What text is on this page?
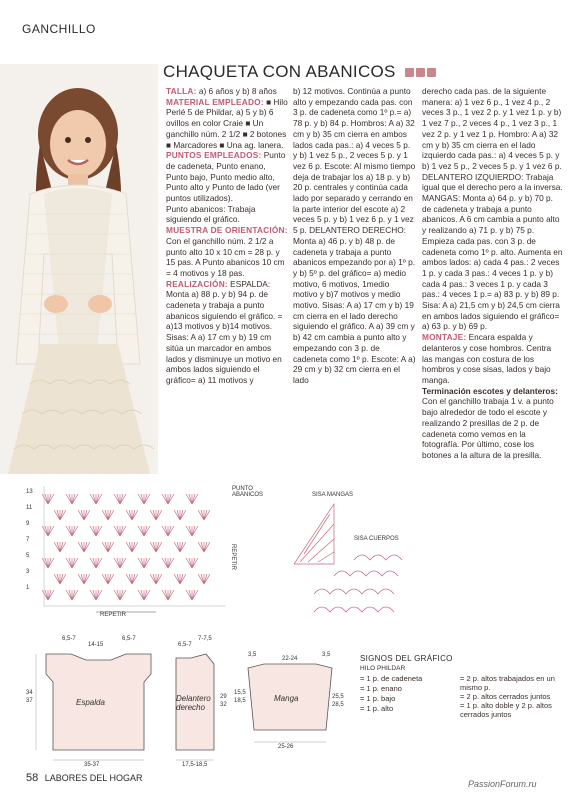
GANCHILLO
CHAQUETA CON ABANICOS

TALLA: a) 6 años y b) 8 años

MATERIAL EMPLEADO: ■ Hilo Perlé 5 de Phildar, a) 5 y b) 6 ovillos en color Craie ■ Un ganchillo núm. 2 1/2 ■ 2 botones ■ Marcadores ■ Una ag. lanera.

PUNTOS EMPLEADOS: Punto de cadeneta, Punto enano, Punto bajo, Punto medio alto, Punto alto y Punto de lado (ver puntos utilizados).

Punto abanicos: Trabaja siguiendo el gráfico.

MUESTRA DE ORIENTACIÓN: Con el ganchillo núm. 2 1/2 a punto alto 10 x 10 cm = 28 p. y 15 pas. A Punto abanicos 10 cm = 4 motivos y 18 pas.

REALIZACIÓN: ESPALDA: Monta a) 88 p. y b) 94 p. de cadeneta y trabaja a punto abanicos siguiendo el gráfico. = a)13 motivos y b)14 motivos. Sisas: A a) 17 cm y b) 19 cm sitúa un marcador en ambos lados y disminuye un motivo en ambos lados siguiendo el gráfico= a) 11 motivos y

b) 12 motivos. Continúa a punto alto y empezando cada pas. con 3 p. de cadeneta como 1º p.= a) 78 p. y b) 84 p. Hombros: A a) 32 cm y b) 35 cm cierra en ambos lados cada pas.: a) 4 veces 5 p. y b) 1 vez 5 p., 2 veces 5 p. y 1 vez 6 p. Escote: Al mismo tiempo deja de trabajar los a) 18 p. y b) 20 p. centrales y continúa cada lado por separado y cerrando en la parte interior del escote a) 2 veces 5 p. y b) 1 vez 6 p. y 1 vez 5 p. DELANTERO DERECHO: Monta a) 46 p. y b) 48 p. de cadeneta y trabaja a punto abanicos empezando por a) 1º p. y b) 5º p. del gráfico= a) medio motivo, 6 motivos, 1medio motivo y b)7 motivos y medio motivo. Sisas: A a) 17 cm y b) 19 cm cierra en el lado derecho siguiendo el gráfico. A a) 39 cm y b) 42 cm cambia a punto alto y empezando con 3 p. de cadeneta como 1º p. Escote: A a) 29 cm y b) 32 cm cierra en el lado

derecho cada pas. de la siguiente manera: a) 1 vez 6 p., 1 vez 4 p., 2 veces 3 p., 1 vez 2 p. y 1 vez 1 p. y b) 1 vez 7 p., 2 veces 4 p., 1 vez 3 p., 1 vez 2 p. y 1 vez 1 p. Hombro: A a) 32 cm y b) 35 cm cierra en el lado izquierdo cada pas.: a) 4 veces 5 p. y b) 1 vez 5 p., 2 veces 5 p. y 1 vez 6 p. DELANTERO IZQUIERDO: Trabaja igual que el derecho pero a la inversa. MANGAS: Monta a) 64 p. y b) 70 p. de cadeneta y trabaja a punto abanicos. A 6 cm cambia a punto alto y realizando a) 71 p. y b) 75 p. Empieza cada pas. con 3 p. de cadeneta como 1º p. alto. Aumenta en ambos lados: a) cada 4 pas.: 2 veces 1 p. y cada 3 pas.: 4 veces 1 p. y b) cada 4 pas.: 3 veces 1 p. y cada 3 pas.: 4 veces 1 p.= a) 83 p. y b) 89 p. Sisa: A a) 21,5 cm y b) 24,5 cm cierra en ambos lados siguiendo el gráfico= a) 63 p. y b) 69 p.

MONTAJE: Encara espalda y delanteros y cose hombros. Centra las mangas con costura de los hombros y cose sisas, lados y bajo manga.

Terminación escotes y delanteros: Con el ganchillo trabaja 1 v. a punto bajo alrededor de todo el escote y realizando 2 presillas de 2 p. de cadeneta como vemos en la fotografía. Por último, cose los botones a la altura de la presilla.

13
11
9
7
5
3
1
REPETIR
REPETIR
PUNTO ABANICOS	SISA MANGAS
SISA CUERPOS
Espalda	Delantero derecho
Manga
6,5-7
14-15
6,5-7
34
37
35-37
6,5-7
7-7,5
29
32
17,5-18,5
3,5
22-24
3,5
15,5
18,5
25,5
28,5
25-26
SIGNOS DEL GRÁFICO
HILO PHILDAR
= 1 p. de cadeneta
= 1 p. enano
= 1 p. bajo
= 1 p. alto
= 2 p. altos trabajados en un mismo p.
= 2 p. altos cerrados juntos
= 1 p. alto doble y 2 p. altos cerrados juntos
58 LABORES DEL HOGAR
PassionForum.ru
